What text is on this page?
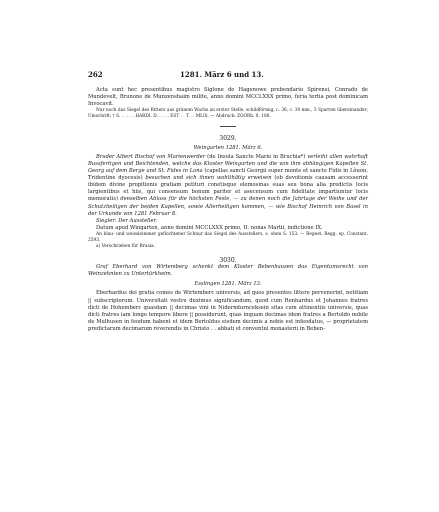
262	1281. März 6 und 13.

Acta sunt hec presentibus magistro Siglone de Hagenowe prebendario Spirensi, Conrado de Mundevelt, Brunone de Munzenshaim milite, anno domini MCCLXXX primo, feria tertia post dominicam Invocavit.

Nur noch das Siegel des Ritters aus grünem Wachs an erster Stelle, schildförmig, c. 36, c. 30 mm., 3 Sparren übereinander; Umschrift: † S. . . . . . HARDI. D. . . . . EST . . T . . MLIS. — Abdruck: ZGORh. 8, 186.

3029.

Weingarten 1281. März 6.

Bruder Albert Bischof von Marienwerder (de Insula Sancte Marie in Bruchia*) verleiht allen wahrhaft Bussfertigen und Beichtenden, welche das Kloster Weingarten und die von ihm abhängigen Kapellen St. Georg auf dem Berge und St. Fides in Lana (capellas sancti Georgii super monte et sancte Fidis in Lôuon, Tridentine dyocesis) besuchen und sich ihnen wohlthätig erweisen (ob devotionis causam accesserint ibidem divine propitionis gratiam petituri conetisque elemosinas suas seu bona alia predictis locis largientibus et hiis, qui consensum bonum pariter et asecensum cum fidelitate impartiuntur locis memoratis) denselben Ablass für die höchsten Feste, — zu denen noch die Jahrtage der Weihe und der Schutzheiligen der beiden Kapellen, sowie Allerheiligen kommen, — wie Bischof Heinrich von Basel in der Urkunde von 1281 Februar 8.

Siegler: Der Aussteller.

Datum apud Wingarten, anno domini MCCLXXX primo, II. nonas Martii, indictione IX.

An blau- und weissleinener geflochtener Schnur das Siegel des Ausstellers, s. oben S. 153. — Regest: Regg. ep. Constant. 2593.

a) Verschrieben für Brusia.

3030.

Graf Eberhard von Wirtemberg schenkt dem Kloster Bebenhausen das Eigentumsrecht von Weinzehnten zu Untertürkheim.

Esslingen 1281. März 13.

Eberhardus dei gratia comes de Wirtemberc universis, ad quos presentes littere pervenerint, notitiam || subscriptorum. Universitati vestre duximus significandum, quod cum Renhardus et Johannes fratres dicti de Hohemberc quasdam || decimas vini in Niderndurnceksein sitas cum attinentiis universis, quas dicti fratres iam longo tempore libere || possiderunt, quas inquam decimas idem fratres a Bertoldo nobile de Mulhusen in feodum habent et idem Bertoldus eisdem decimis a nobis est infeodatus, — proprietatem predictarum decimarum reverendis in Christo . . abbati et conventui monasterii in Beben-
